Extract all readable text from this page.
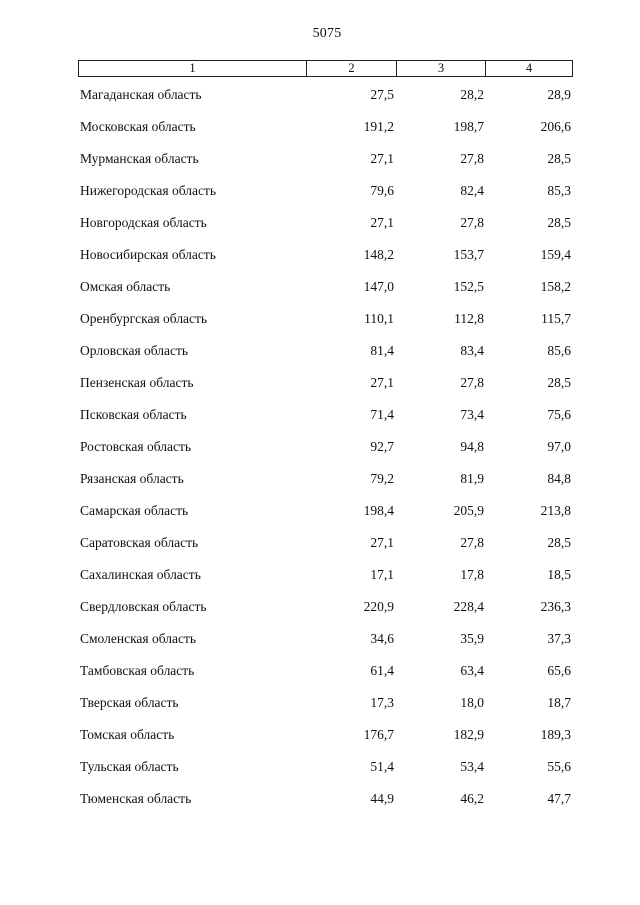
5075
1	2	3	4
Магаданская область	27,5	28,2	28,9
Московская область	191,2	198,7	206,6
Мурманская область	27,1	27,8	28,5
Нижегородская область	79,6	82,4	85,3
Новгородская область	27,1	27,8	28,5
Новосибирская область	148,2	153,7	159,4
Омская область	147,0	152,5	158,2
Оренбургская область	110,1	112,8	115,7
Орловская область	81,4	83,4	85,6
Пензенская область	27,1	27,8	28,5
Псковская область	71,4	73,4	75,6
Ростовская область	92,7	94,8	97,0
Рязанская область	79,2	81,9	84,8
Самарская область	198,4	205,9	213,8
Саратовская область	27,1	27,8	28,5
Сахалинская область	17,1	17,8	18,5
Свердловская область	220,9	228,4	236,3
Смоленская область	34,6	35,9	37,3
Тамбовская область	61,4	63,4	65,6
Тверская область	17,3	18,0	18,7
Томская область	176,7	182,9	189,3
Тульская область	51,4	53,4	55,6
Тюменская область	44,9	46,2	47,7
